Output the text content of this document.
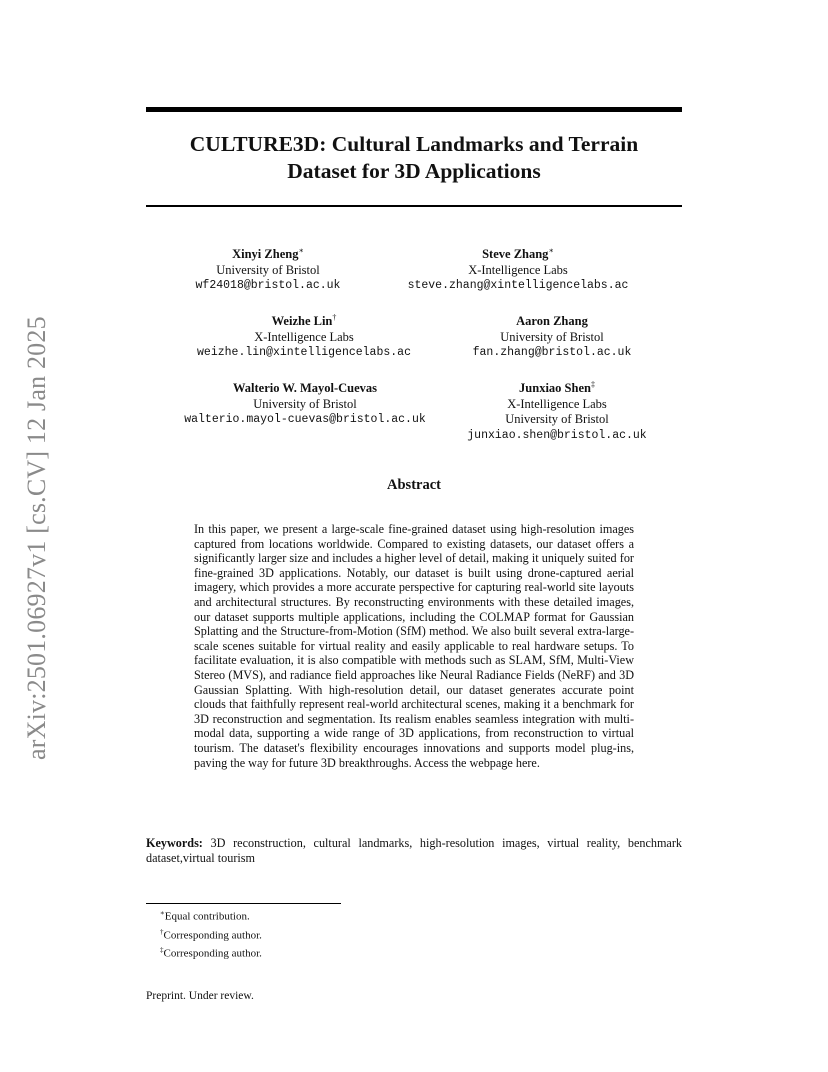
arXiv:2501.06927v1 [cs.CV] 12 Jan 2025
CULTURE3D: Cultural Landmarks and Terrain
Dataset for 3D Applications
Xinyi Zheng∗
University of Bristol
wf24018@bristol.ac.uk
Steve Zhang∗
X-Intelligence Labs
steve.zhang@xintelligencelabs.ac
Weizhe Lin†
X-Intelligence Labs
weizhe.lin@xintelligencelabs.ac
Aaron Zhang
University of Bristol
fan.zhang@bristol.ac.uk
Walterio W. Mayol-Cuevas
University of Bristol
walterio.mayol-cuevas@bristol.ac.uk
Junxiao Shen‡
X-Intelligence Labs
University of Bristol
junxiao.shen@bristol.ac.uk
Abstract
In this paper, we present a large-scale fine-grained dataset using high-resolution images captured from locations worldwide. Compared to existing datasets, our dataset offers a significantly larger size and includes a higher level of detail, making it uniquely suited for fine-grained 3D applications. Notably, our dataset is built using drone-captured aerial imagery, which provides a more accurate perspective for capturing real-world site layouts and architectural structures. By reconstructing environments with these detailed images, our dataset supports multiple applications, including the COLMAP format for Gaussian Splatting and the Structure-from-Motion (SfM) method. We also built several extra-large-scale scenes suitable for virtual reality and easily applicable to real hardware setups. To facilitate evaluation, it is also compatible with methods such as SLAM, SfM, Multi-View Stereo (MVS), and radiance field approaches like Neural Radiance Fields (NeRF) and 3D Gaussian Splatting. With high-resolution detail, our dataset generates accurate point clouds that faithfully represent real-world architectural scenes, making it a benchmark for 3D reconstruction and segmentation. Its realism enables seamless integration with multi-modal data, supporting a wide range of 3D applications, from reconstruction to virtual tourism. The dataset's flexibility encourages innovations and supports model plug-ins, paving the way for future 3D breakthroughs. Access the webpage here.
Keywords: 3D reconstruction, cultural landmarks, high-resolution images, virtual reality, benchmark dataset,virtual tourism
∗Equal contribution.
†Corresponding author.
‡Corresponding author.
Preprint. Under review.
